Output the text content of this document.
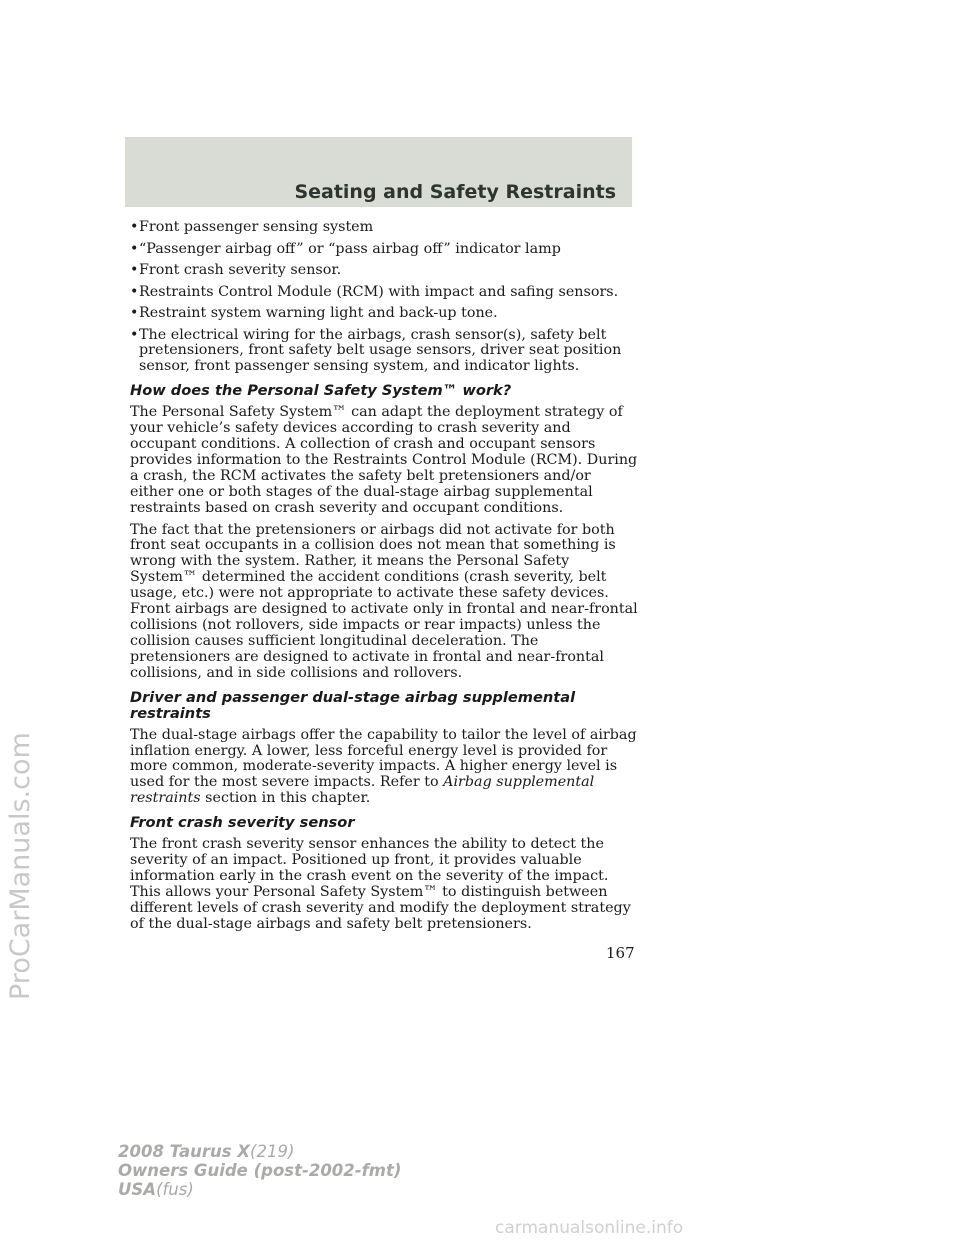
Seating and Safety Restraints
• Front passenger sensing system
• “Passenger airbag off” or “pass airbag off” indicator lamp
• Front crash severity sensor.
• Restraints Control Module (RCM) with impact and safing sensors.
• Restraint system warning light and back-up tone.
• The electrical wiring for the airbags, crash sensor(s), safety belt pretensioners, front safety belt usage sensors, driver seat position sensor, front passenger sensing system, and indicator lights.
How does the Personal Safety System™ work?

The Personal Safety System™ can adapt the deployment strategy of your vehicle’s safety devices according to crash severity and occupant conditions. A collection of crash and occupant sensors provides information to the Restraints Control Module (RCM). During a crash, the RCM activates the safety belt pretensioners and/or either one or both stages of the dual-stage airbag supplemental restraints based on crash severity and occupant conditions.

The fact that the pretensioners or airbags did not activate for both front seat occupants in a collision does not mean that something is wrong with the system. Rather, it means the Personal Safety System™ determined the accident conditions (crash severity, belt usage, etc.) were not appropriate to activate these safety devices. Front airbags are designed to activate only in frontal and near-frontal collisions (not rollovers, side impacts or rear impacts) unless the collision causes sufficient longitudinal deceleration. The pretensioners are designed to activate in frontal and near-frontal collisions, and in side collisions and rollovers.

Driver and passenger dual-stage airbag supplemental restraints

The dual-stage airbags offer the capability to tailor the level of airbag inflation energy. A lower, less forceful energy level is provided for more common, moderate-severity impacts. A higher energy level is used for the most severe impacts. Refer to Airbag supplemental restraints section in this chapter.

Front crash severity sensor

The front crash severity sensor enhances the ability to detect the severity of an impact. Positioned up front, it provides valuable information early in the crash event on the severity of the impact. This allows your Personal Safety System™ to distinguish between different levels of crash severity and modify the deployment strategy of the dual-stage airbags and safety belt pretensioners.

167
2008 Taurus X(219)
Owners Guide (post-2002-fmt)
USA(fus)
ProCarManuals.com
carmanualsonline.info
